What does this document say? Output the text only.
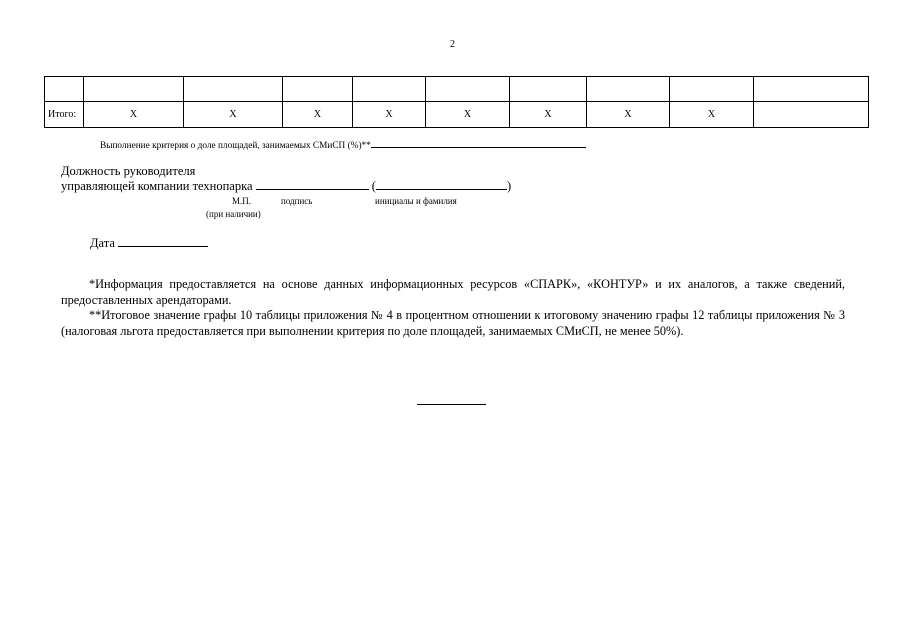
2

Итого:	X	X	X	X	X	X	X	X	
Выполнение критерия о доле площадей, занимаемых СМиСП (%)**
Должность руководителя
управляющей компании технопарка	(	)
М.П.	подпись	инициалы и фамилия
(при наличии)
Дата

*Информация предоставляется на основе данных информационных ресурсов «СПАРК», «КОНТУР» и их аналогов, а также сведений, предоставленных арендаторами.

**Итоговое значение графы 10 таблицы приложения № 4 в процентном отношении к итоговому значению графы 12 таблицы приложения № 3 (налоговая льгота предоставляется при выполнении критерия по доле площадей, занимаемых СМиСП, не менее 50%).
